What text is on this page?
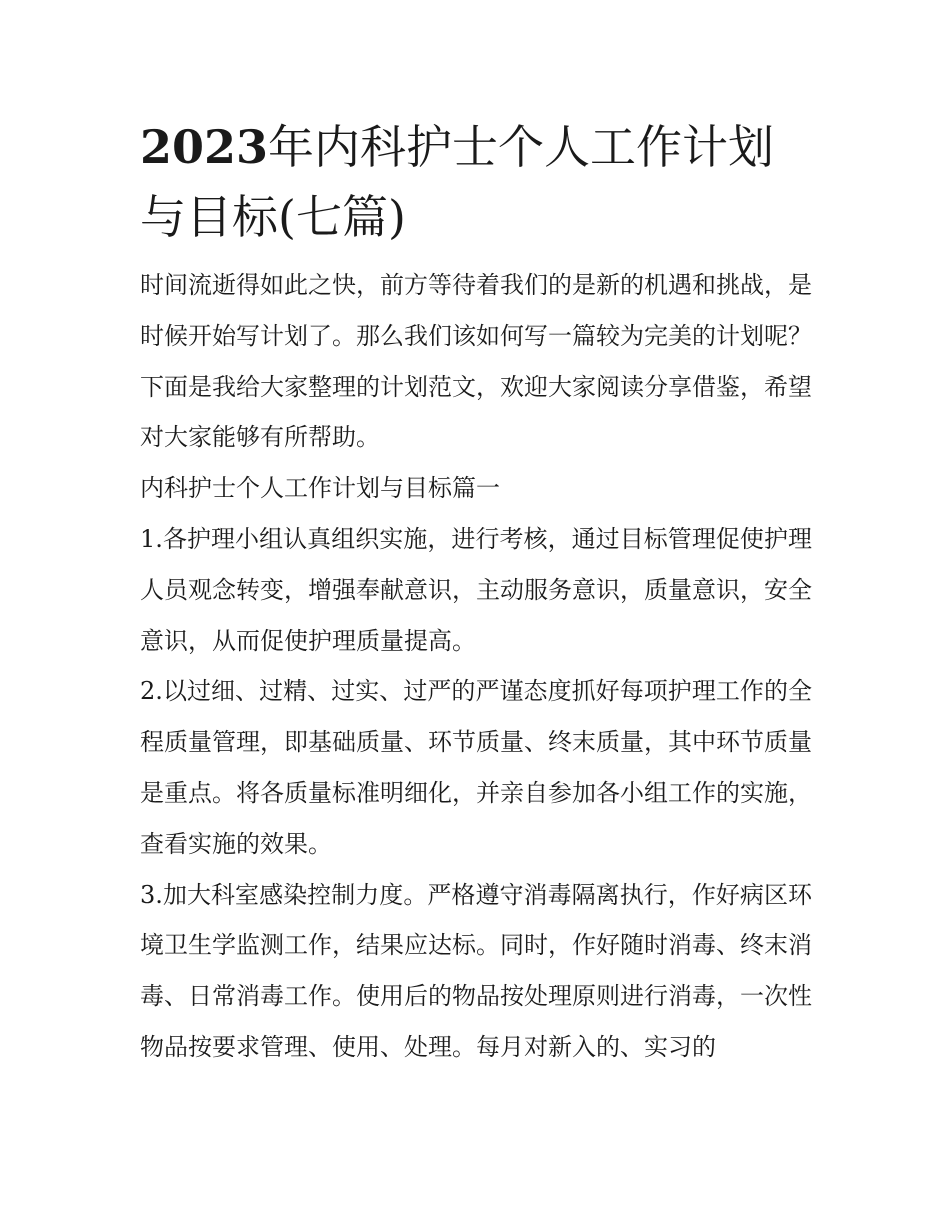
2023年内科护士个人工作计划与目标(七篇)

时间流逝得如此之快，前方等待着我们的是新的机遇和挑战，是时候开始写计划了。那么我们该如何写一篇较为完美的计划呢？下面是我给大家整理的计划范文，欢迎大家阅读分享借鉴，希望对大家能够有所帮助。

内科护士个人工作计划与目标篇一

1.各护理小组认真组织实施，进行考核，通过目标管理促使护理人员观念转变，增强奉献意识，主动服务意识，质量意识，安全意识，从而促使护理质量提高。

2.以过细、过精、过实、过严的严谨态度抓好每项护理工作的全程质量管理，即基础质量、环节质量、终末质量，其中环节质量是重点。将各质量标准明细化，并亲自参加各小组工作的实施，查看实施的效果。

3.加大科室感染控制力度。严格遵守消毒隔离执行，作好病区环境卫生学监测工作，结果应达标。同时，作好随时消毒、终末消毒、日常消毒工作。使用后的物品按处理原则进行消毒，一次性物品按要求管理、使用、处理。每月对新入的、实习的
